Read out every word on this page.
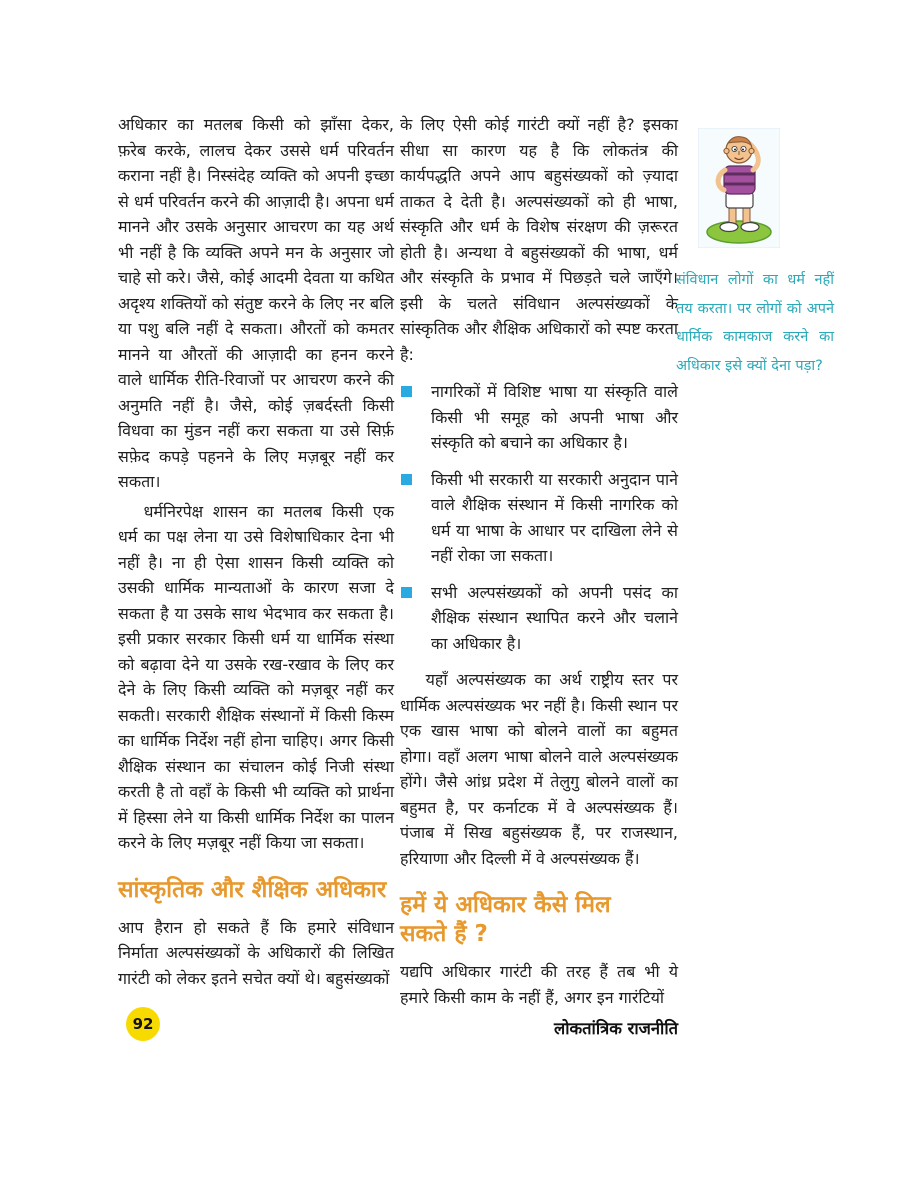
अधिकार का मतलब किसी को झाँसा देकर, फ़रेब करके, लालच देकर उससे धर्म परिवर्तन कराना नहीं है। निस्संदेह व्यक्ति को अपनी इच्छा से धर्म परिवर्तन करने की आज़ादी है। अपना धर्म मानने और उसके अनुसार आचरण का यह अर्थ भी नहीं है कि व्यक्ति अपने मन के अनुसार जो चाहे सो करे। जैसे, कोई आदमी देवता या कथित अदृश्य शक्तियों को संतुष्ट करने के लिए नर बलि या पशु बलि नहीं दे सकता। औरतों को कमतर मानने या औरतों की आज़ादी का हनन करने वाले धार्मिक रीति-रिवाजों पर आचरण करने की अनुमति नहीं है। जैसे, कोई ज़बर्दस्ती किसी विधवा का मुंडन नहीं करा सकता या उसे सिर्फ़ सफ़ेद कपड़े पहनने के लिए मज़बूर नहीं कर सकता।

धर्मनिरपेक्ष शासन का मतलब किसी एक धर्म का पक्ष लेना या उसे विशेषाधिकार देना भी नहीं है। ना ही ऐसा शासन किसी व्यक्ति को उसकी धार्मिक मान्यताओं के कारण सजा दे सकता है या उसके साथ भेदभाव कर सकता है। इसी प्रकार सरकार किसी धर्म या धार्मिक संस्था को बढ़ावा देने या उसके रख-रखाव के लिए कर देने के लिए किसी व्यक्ति को मज़बूर नहीं कर सकती। सरकारी शैक्षिक संस्थानों में किसी किस्म का धार्मिक निर्देश नहीं होना चाहिए। अगर किसी शैक्षिक संस्थान का संचालन कोई निजी संस्था करती है तो वहाँ के किसी भी व्यक्ति को प्रार्थना में हिस्सा लेने या किसी धार्मिक निर्देश का पालन करने के लिए मज़बूर नहीं किया जा सकता।

सांस्कृतिक और शैक्षिक अधिकार

आप हैरान हो सकते हैं कि हमारे संविधान निर्माता अल्पसंख्यकों के अधिकारों की लिखित गारंटी को लेकर इतने सचेत क्यों थे। बहुसंख्यकों

के लिए ऐसी कोई गारंटी क्यों नहीं है? इसका सीधा सा कारण यह है कि लोकतंत्र की कार्यपद्धति अपने आप बहुसंख्यकों को ज़्यादा ताकत दे देती है। अल्पसंख्यकों को ही भाषा, संस्कृति और धर्म के विशेष संरक्षण की ज़रूरत होती है। अन्यथा वे बहुसंख्यकों की भाषा, धर्म और संस्कृति के प्रभाव में पिछड़ते चले जाएँगे। इसी के चलते संविधान अल्पसंख्यकों के सांस्कृतिक और शैक्षिक अधिकारों को स्पष्ट करता है:

नागरिकों में विशिष्ट भाषा या संस्कृति वाले किसी भी समूह को अपनी भाषा और संस्कृति को बचाने का अधिकार है।
किसी भी सरकारी या सरकारी अनुदान पाने वाले शैक्षिक संस्थान में किसी नागरिक को धर्म या भाषा के आधार पर दाखिला लेने से नहीं रोका जा सकता।
सभी अल्पसंख्यकों को अपनी पसंद का शैक्षिक संस्थान स्थापित करने और चलाने का अधिकार है।

यहाँ अल्पसंख्यक का अर्थ राष्ट्रीय स्तर पर धार्मिक अल्पसंख्यक भर नहीं है। किसी स्थान पर एक खास भाषा को बोलने वालों का बहुमत होगा। वहाँ अलग भाषा बोलने वाले अल्पसंख्यक होंगे। जैसे आंध्र प्रदेश में तेलुगु बोलने वालों का बहुमत है, पर कर्नाटक में वे अल्पसंख्यक हैं। पंजाब में सिख बहुसंख्यक हैं, पर राजस्थान, हरियाणा और दिल्ली में वे अल्पसंख्यक हैं।

हमें ये अधिकार कैसे मिल
सकते हैं ?

यद्यपि अधिकार गारंटी की तरह हैं तब भी ये हमारे किसी काम के नहीं हैं, अगर इन गारंटियों

संविधान लोगों का धर्म नहीं तय करता। पर लोगों को अपने धार्मिक कामकाज करने का अधिकार इसे क्यों देना पड़ा?

92	लोकतांत्रिक राजनीति
